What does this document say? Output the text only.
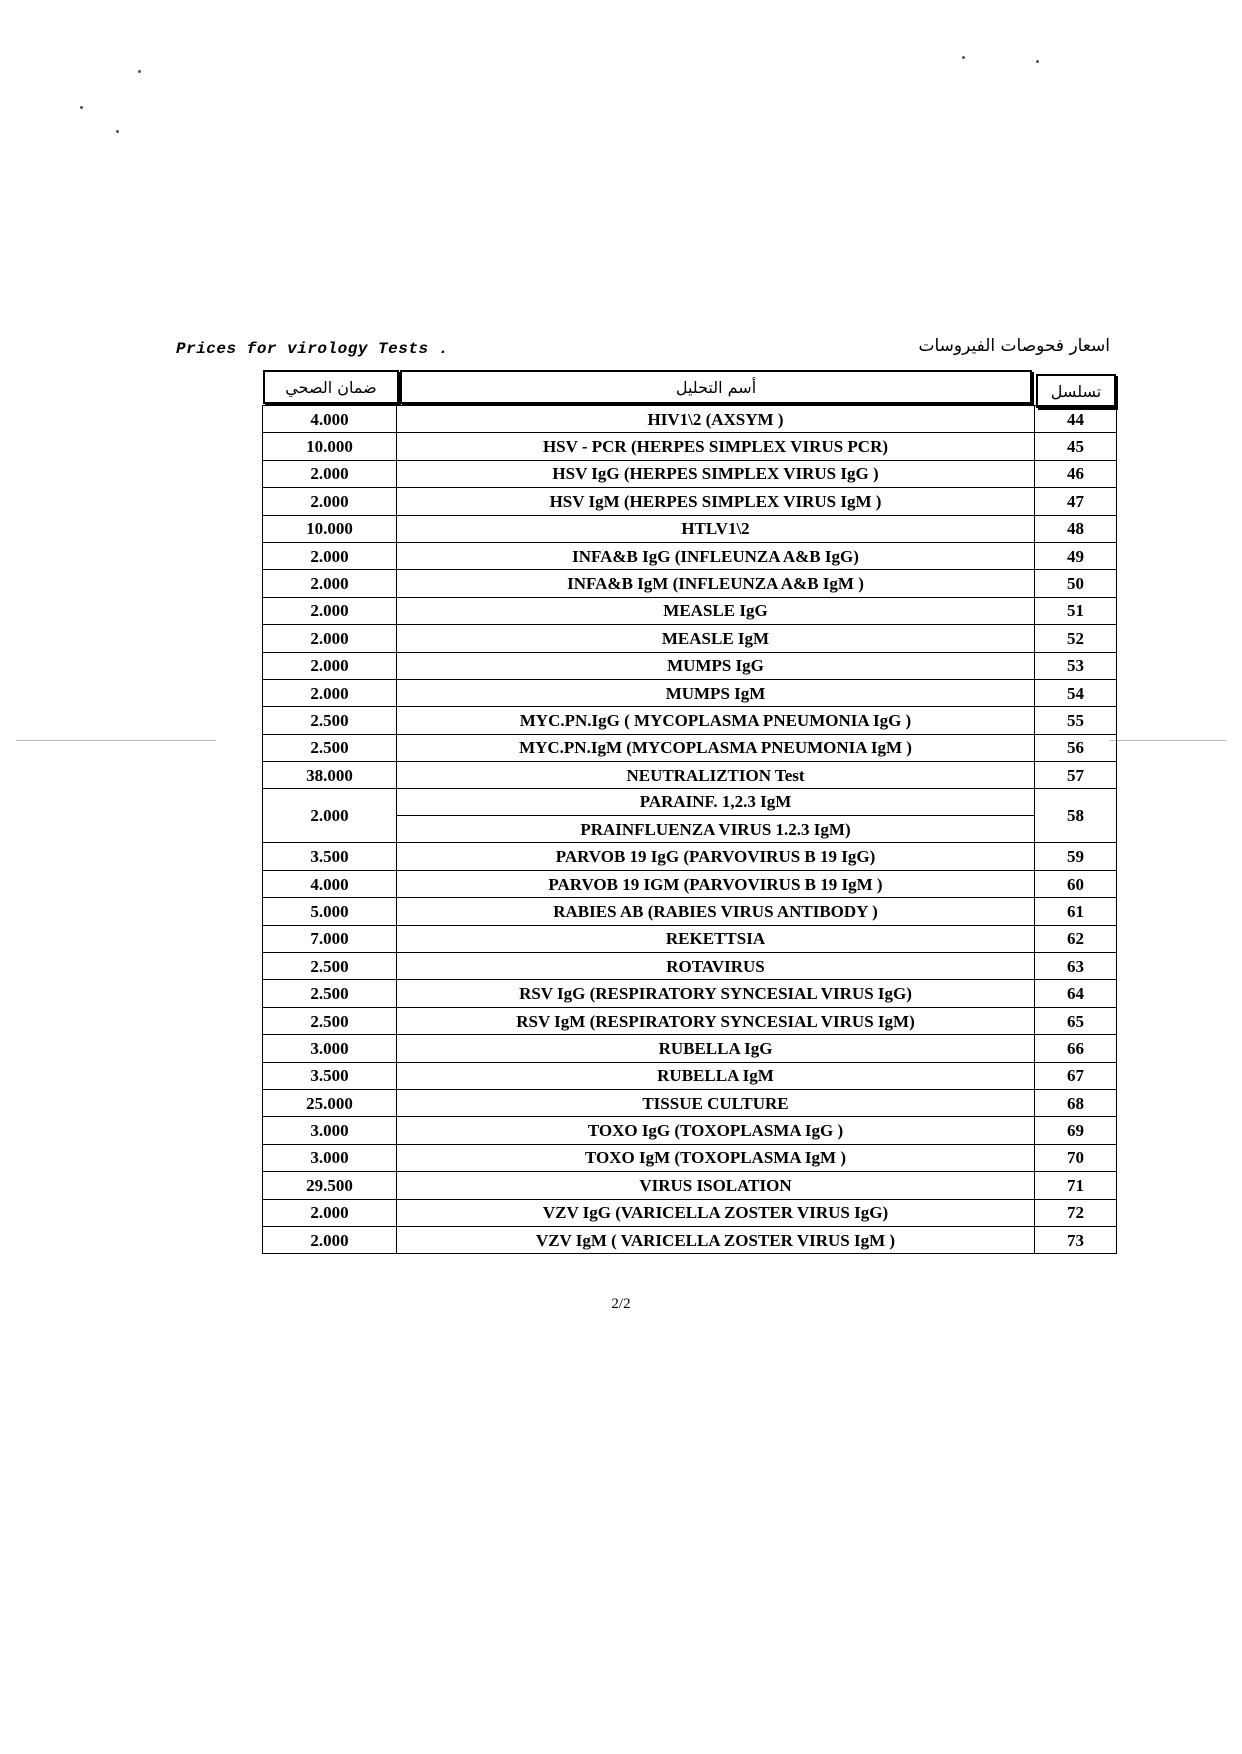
Prices for virology Tests .	اسعار فحوصات الفيروسات
ضمان الصحي	أسم التحليل	تسلسل
4.000	HIV1\2 (AXSYM )	44
10.000	HSV - PCR (HERPES SIMPLEX VIRUS PCR)	45
2.000	HSV IgG (HERPES SIMPLEX VIRUS IgG )	46
2.000	HSV IgM (HERPES SIMPLEX VIRUS IgM )	47
10.000	HTLV1\2	48
2.000	INFA&B IgG (INFLEUNZA A&B IgG)	49
2.000	INFA&B IgM (INFLEUNZA A&B IgM )	50
2.000	MEASLE IgG	51
2.000	MEASLE IgM	52
2.000	MUMPS IgG	53
2.000	MUMPS IgM	54
2.500	MYC.PN.IgG ( MYCOPLASMA PNEUMONIA IgG )	55
2.500	MYC.PN.IgM (MYCOPLASMA PNEUMONIA IgM )	56
38.000	NEUTRALIZTION Test	57
2.000	PARAINF. 1,2.3 IgM
PRAINFLUENZA VIRUS 1.2.3 IgM)	58
3.500	PARVOB 19 IgG (PARVOVIRUS B 19 IgG)	59
4.000	PARVOB 19 IGM (PARVOVIRUS B 19 IgM )	60
5.000	RABIES AB (RABIES VIRUS ANTIBODY )	61
7.000	REKETTSIA	62
2.500	ROTAVIRUS	63
2.500	RSV IgG (RESPIRATORY SYNCESIAL VIRUS IgG)	64
2.500	RSV IgM (RESPIRATORY SYNCESIAL VIRUS IgM)	65
3.000	RUBELLA IgG	66
3.500	RUBELLA IgM	67
25.000	TISSUE CULTURE	68
3.000	TOXO IgG (TOXOPLASMA IgG )	69
3.000	TOXO IgM (TOXOPLASMA IgM )	70
29.500	VIRUS ISOLATION	71
2.000	VZV IgG (VARICELLA ZOSTER VIRUS IgG)	72
2.000	VZV IgM ( VARICELLA ZOSTER VIRUS IgM )	73
2/2
